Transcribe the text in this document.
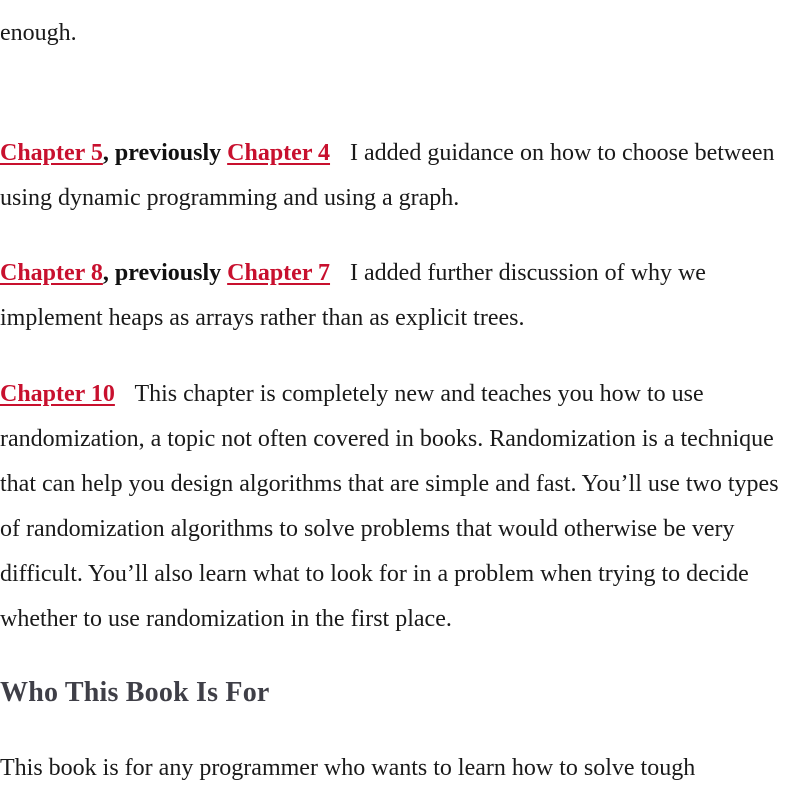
enough.

Chapter 5, previously Chapter 4 I added guidance on how to choose between using dynamic programming and using a graph.

Chapter 8, previously Chapter 7 I added further discussion of why we implement heaps as arrays rather than as explicit trees.

Chapter 10 This chapter is completely new and teaches you how to use randomization, a topic not often covered in books. Randomization is a technique that can help you design algorithms that are simple and fast. You’ll use two types of randomization algorithms to solve problems that would otherwise be very difficult. You’ll also learn what to look for in a problem when trying to decide whether to use randomization in the first place.

Who This Book Is For

This book is for any programmer who wants to learn how to solve tough
